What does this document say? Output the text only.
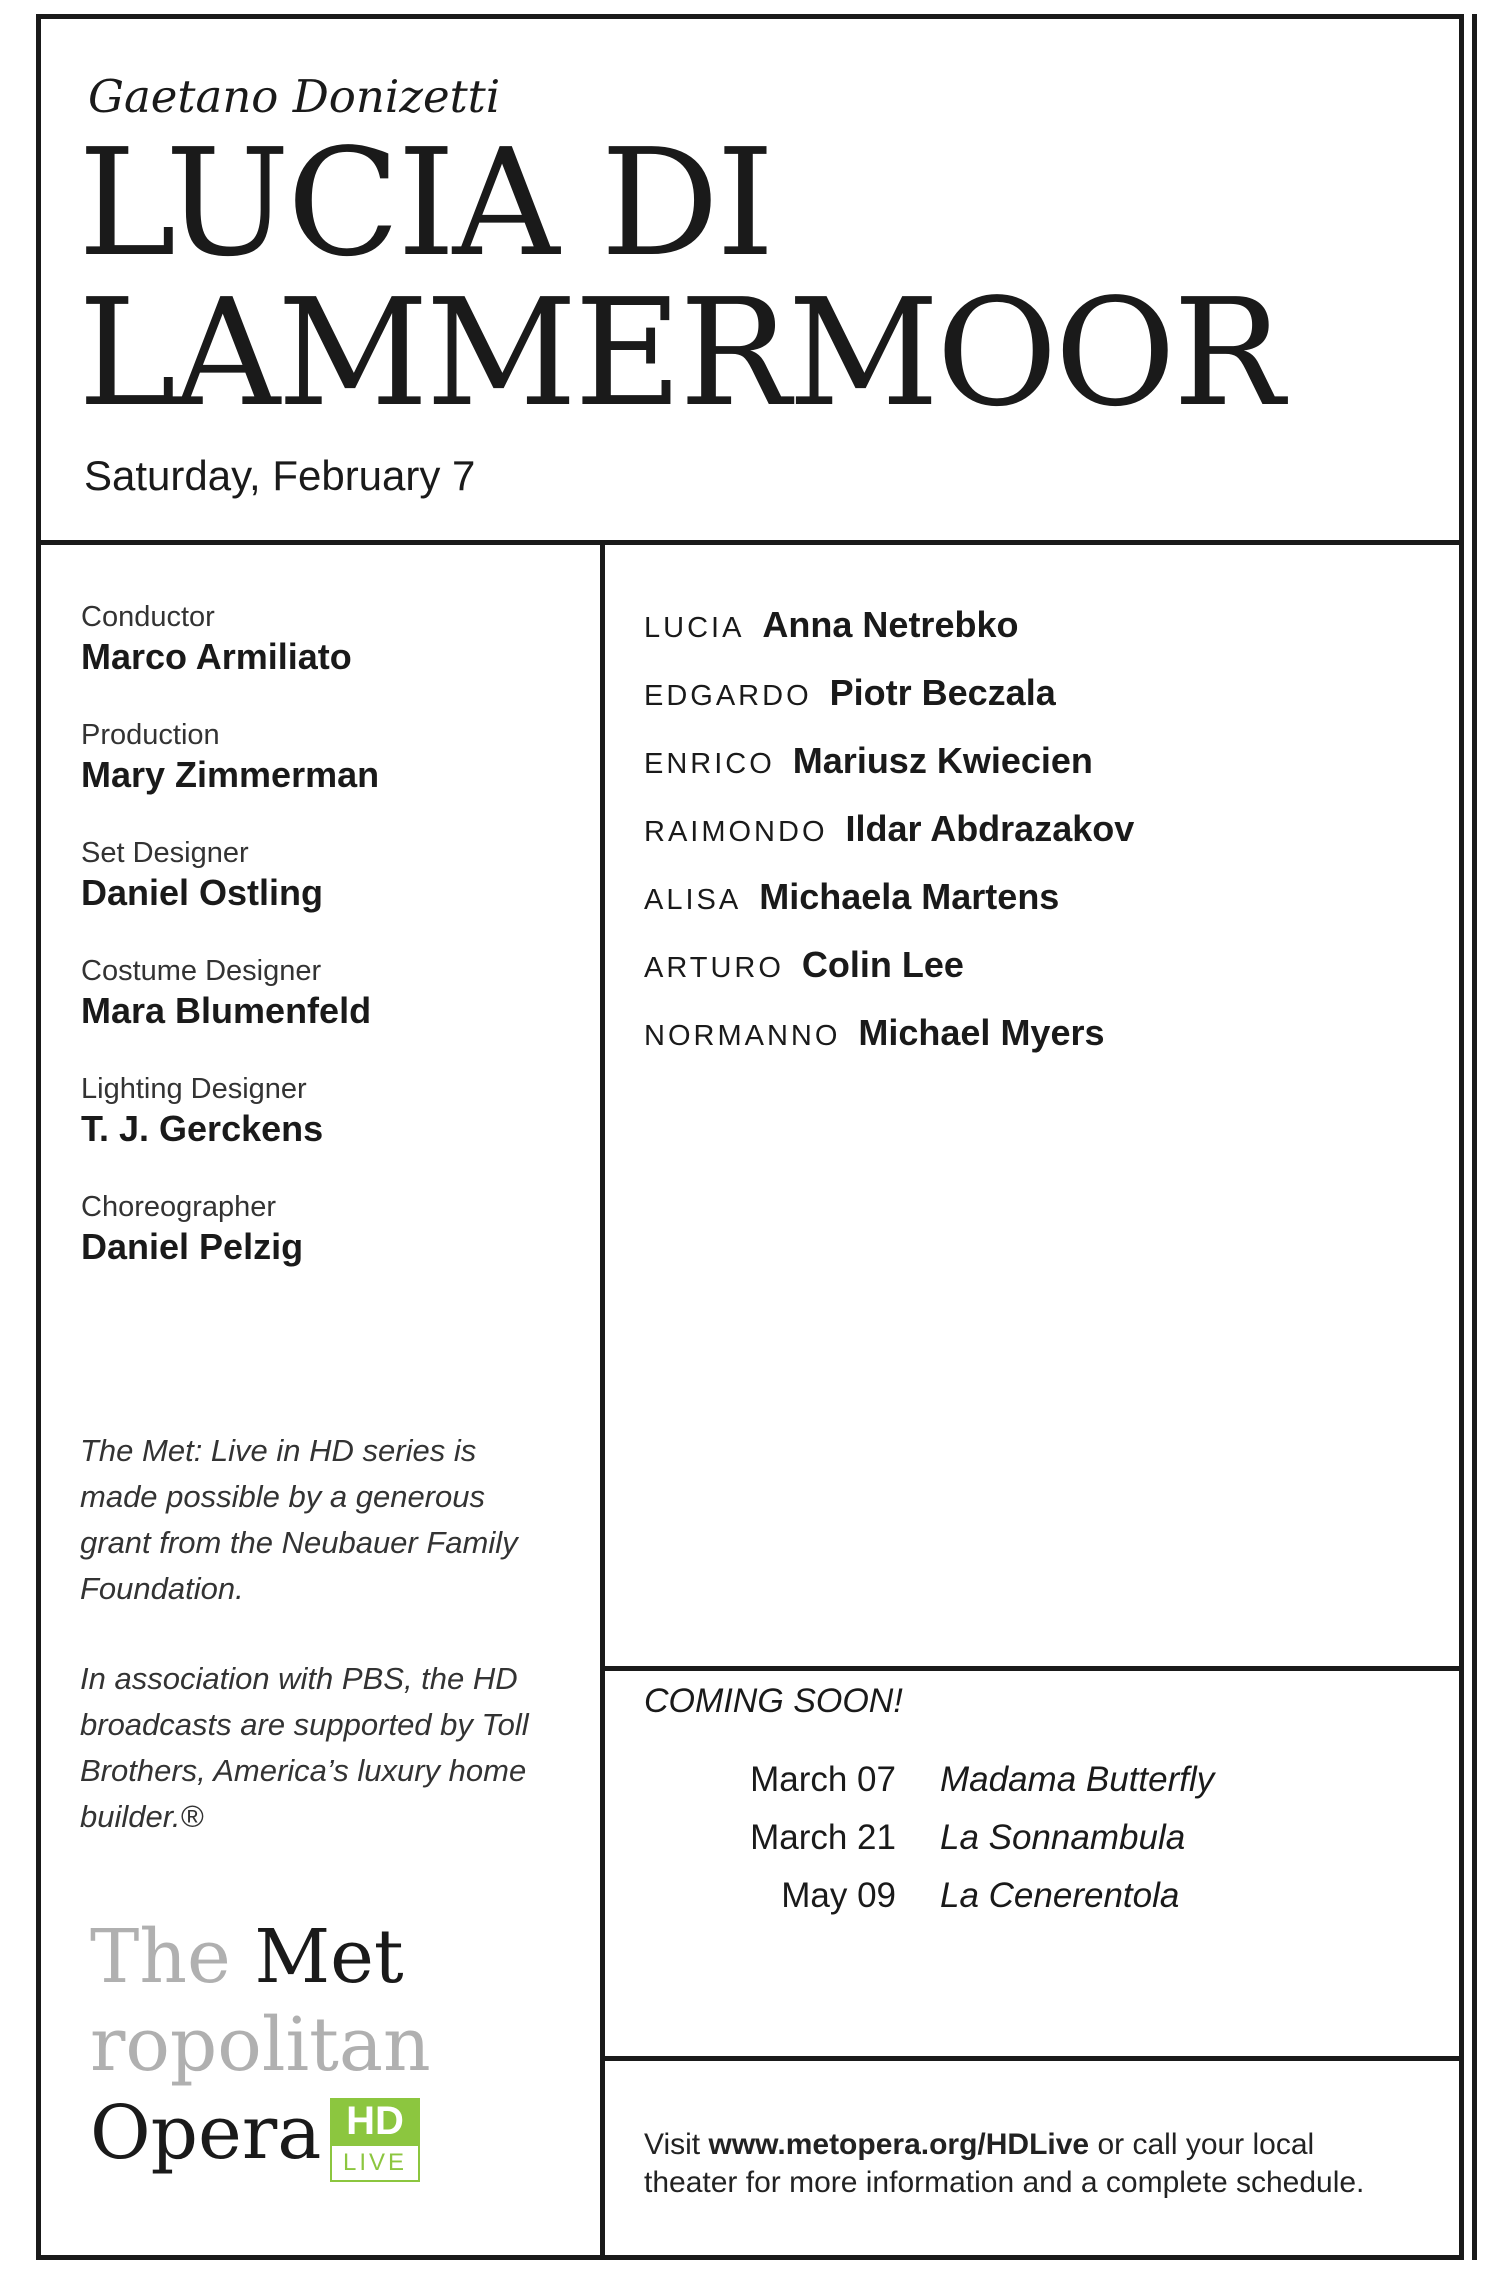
Gaetano Donizetti
LUCIA DI
LAMMERMOOR
Saturday, February 7

Conductor

Marco Armiliato

Production

Mary Zimmerman

Set Designer

Daniel Ostling

Costume Designer

Mara Blumenfeld

Lighting Designer

T. J. Gerckens

Choreographer

Daniel Pelzig

LUCIA Anna Netrebko
EDGARDO Piotr Beczala
ENRICO Mariusz Kwiecien
RAIMONDO Ildar Abdrazakov
ALISA Michaela Martens
ARTURO Colin Lee
NORMANNO Michael Myers

The Met: Live in HD series is made possible by a generous grant from the Neubauer Family Foundation.

In association with PBS, the HD broadcasts are supported by Toll Brothers, America’s luxury home builder.®

The Met
ropolitan
Opera HD
LIVE
COMING SOON!
March 07	Madama Butterfly
March 21	La Sonnambula
May 09	La Cenerentola
Visit www.metopera.org/HDLive or call your local
theater for more information and a complete schedule.
